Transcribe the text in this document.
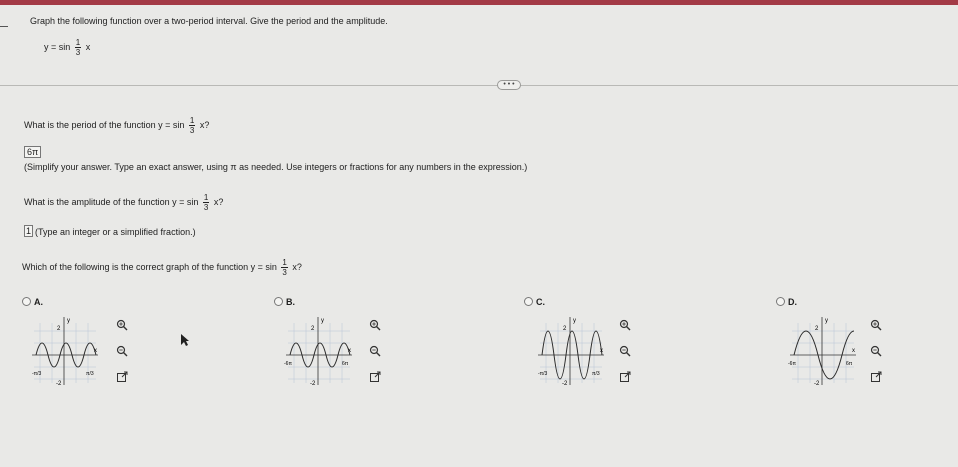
Graph the following function over a two-period interval. Give the period and the amplitude.
$y = \sin \frac{1}{3}$ x
• • •
What is the period of the function $y = \sin \frac{1}{3} x$?
6π
(Simplify your answer. Type an exact answer, using π as needed. Use integers or fractions for any numbers in the expression.)
What is the amplitude of the function $y = \sin \frac{1}{3} x$?
1 (Type an integer or a simplified fraction.)
Which of the following is the correct graph of the function $y = \sin \frac{1}{3} x$?
A.
y
x
2
-2
-π/3	π/3
B.
y
x
2
-2
-6π	6π
C.
y
x
2
-2
-π/3	π/3
D.
y
x
2
-2
-6π	6π
